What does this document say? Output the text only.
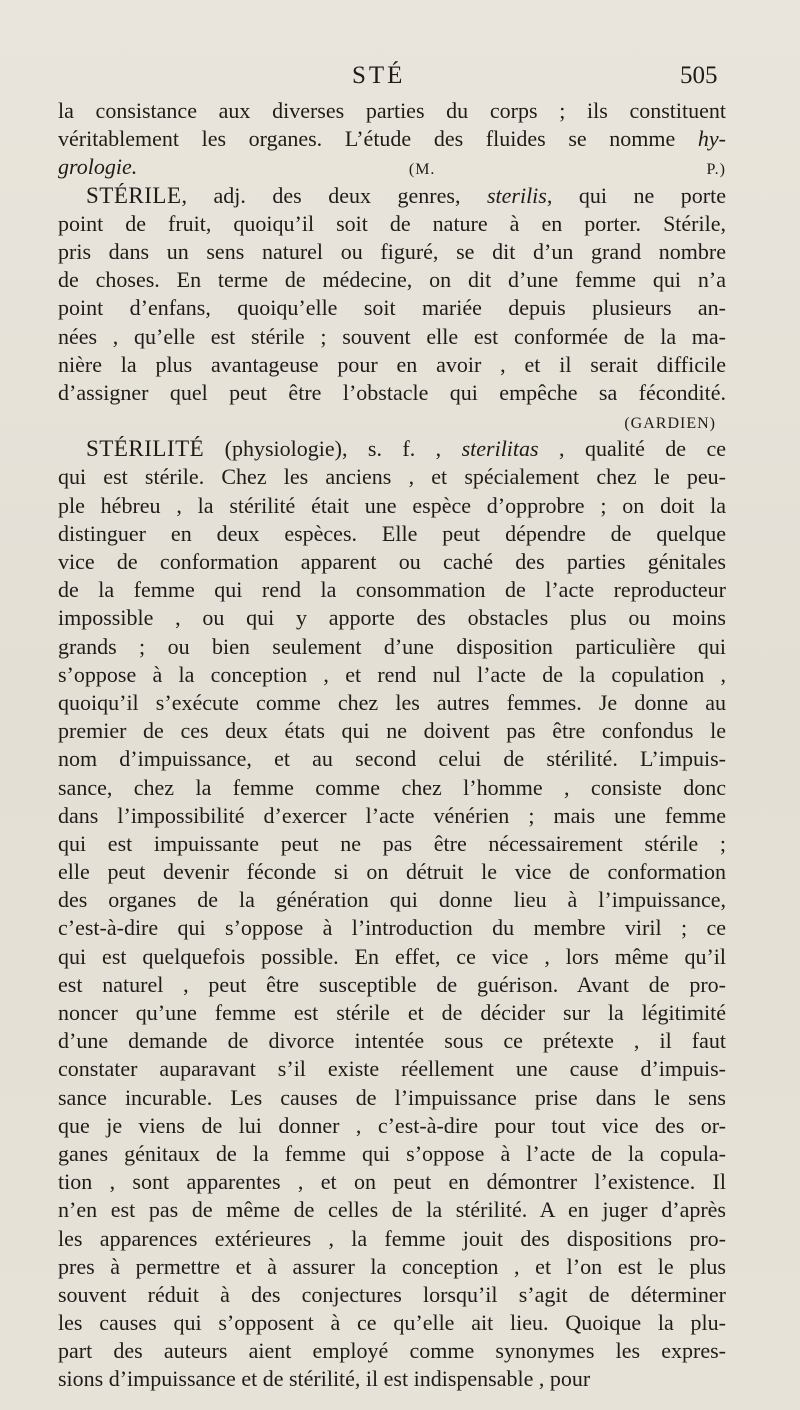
STÉ	505
la consistance aux diverses parties du corps ; ils constituent
véritablement les organes. L’étude des fluides se nomme hy-
grologie.	(M. P.)
STÉRILE, adj. des deux genres, sterilis, qui ne porte
point de fruit, quoiqu’il soit de nature à en porter. Stérile,
pris dans un sens naturel ou figuré, se dit d’un grand nombre
de choses. En terme de médecine, on dit d’une femme qui n’a
point d’enfans, quoiqu’elle soit mariée depuis plusieurs an-
nées , qu’elle est stérile ; souvent elle est conformée de la ma-
nière la plus avantageuse pour en avoir , et il serait difficile
d’assigner quel peut être l’obstacle qui empêche sa fécondité.
(GARDIEN)
STÉRILITÉ (physiologie), s. f. , sterilitas , qualité de ce
qui est stérile. Chez les anciens , et spécialement chez le peu-
ple hébreu , la stérilité était une espèce d’opprobre ; on doit la
distinguer en deux espèces. Elle peut dépendre de quelque
vice de conformation apparent ou caché des parties génitales
de la femme qui rend la consommation de l’acte reproducteur
impossible , ou qui y apporte des obstacles plus ou moins
grands ; ou bien seulement d’une disposition particulière qui
s’oppose à la conception , et rend nul l’acte de la copulation ,
quoiqu’il s’exécute comme chez les autres femmes. Je donne au
premier de ces deux états qui ne doivent pas être confondus le
nom d’impuissance, et au second celui de stérilité. L’impuis-
sance, chez la femme comme chez l’homme , consiste donc
dans l’impossibilité d’exercer l’acte vénérien ; mais une femme
qui est impuissante peut ne pas être nécessairement stérile ;
elle peut devenir féconde si on détruit le vice de conformation
des organes de la génération qui donne lieu à l’impuissance,
c’est-à-dire qui s’oppose à l’introduction du membre viril ; ce
qui est quelquefois possible. En effet, ce vice , lors même qu’il
est naturel , peut être susceptible de guérison. Avant de pro-
noncer qu’une femme est stérile et de décider sur la légitimité
d’une demande de divorce intentée sous ce prétexte , il faut
constater auparavant s’il existe réellement une cause d’impuis-
sance incurable. Les causes de l’impuissance prise dans le sens
que je viens de lui donner , c’est-à-dire pour tout vice des or-
ganes génitaux de la femme qui s’oppose à l’acte de la copula-
tion , sont apparentes , et on peut en démontrer l’existence. Il
n’en est pas de même de celles de la stérilité. A en juger d’après
les apparences extérieures , la femme jouit des dispositions pro-
pres à permettre et à assurer la conception , et l’on est le plus
souvent réduit à des conjectures lorsqu’il s’agit de déterminer
les causes qui s’opposent à ce qu’elle ait lieu. Quoique la plu-
part des auteurs aient employé comme synonymes les expres-
sions d’impuissance et de stérilité, il est indispensable , pour
